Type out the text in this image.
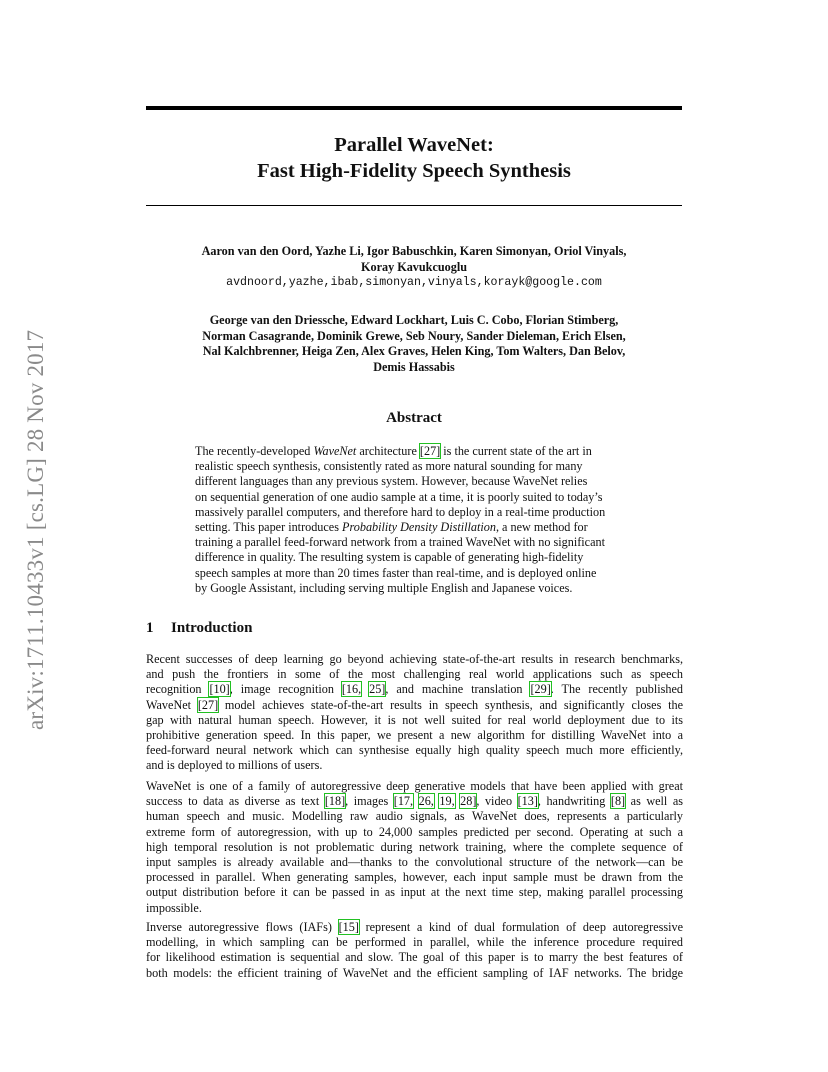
arXiv:1711.10433v1 [cs.LG] 28 Nov 2017
Parallel WaveNet:
Fast High-Fidelity Speech Synthesis
Aaron van den Oord, Yazhe Li, Igor Babuschkin, Karen Simonyan, Oriol Vinyals,
Koray Kavukcuoglu
avdnoord,yazhe,ibab,simonyan,vinyals,korayk@google.com
George van den Driessche, Edward Lockhart, Luis C. Cobo, Florian Stimberg,
Norman Casagrande, Dominik Grewe, Seb Noury, Sander Dieleman, Erich Elsen,
Nal Kalchbrenner, Heiga Zen, Alex Graves, Helen King, Tom Walters, Dan Belov,
Demis Hassabis
Abstract
The recently-developed WaveNet architecture [27] is the current state of the art in
realistic speech synthesis, consistently rated as more natural sounding for many
different languages than any previous system. However, because WaveNet relies
on sequential generation of one audio sample at a time, it is poorly suited to today’s
massively parallel computers, and therefore hard to deploy in a real-time production
setting. This paper introduces Probability Density Distillation, a new method for
training a parallel feed-forward network from a trained WaveNet with no significant
difference in quality. The resulting system is capable of generating high-fidelity
speech samples at more than 20 times faster than real-time, and is deployed online
by Google Assistant, including serving multiple English and Japanese voices.
1 Introduction
Recent successes of deep learning go beyond achieving state-of-the-art results in research benchmarks,
and push the frontiers in some of the most challenging real world applications such as speech
recognition [10], image recognition [16, 25], and machine translation [29]. The recently published
WaveNet [27] model achieves state-of-the-art results in speech synthesis, and significantly closes the
gap with natural human speech. However, it is not well suited for real world deployment due to its
prohibitive generation speed. In this paper, we present a new algorithm for distilling WaveNet into a
feed-forward neural network which can synthesise equally high quality speech much more efficiently,
and is deployed to millions of users.
WaveNet is one of a family of autoregressive deep generative models that have been applied with great
success to data as diverse as text [18], images [17, 26, 19, 28], video [13], handwriting [8] as well as
human speech and music. Modelling raw audio signals, as WaveNet does, represents a particularly
extreme form of autoregression, with up to 24,000 samples predicted per second. Operating at such a
high temporal resolution is not problematic during network training, where the complete sequence of
input samples is already available and—thanks to the convolutional structure of the network—can be
processed in parallel. When generating samples, however, each input sample must be drawn from the
output distribution before it can be passed in as input at the next time step, making parallel processing
impossible.
Inverse autoregressive flows (IAFs) [15] represent a kind of dual formulation of deep autoregressive
modelling, in which sampling can be performed in parallel, while the inference procedure required
for likelihood estimation is sequential and slow. The goal of this paper is to marry the best features of
both models: the efficient training of WaveNet and the efficient sampling of IAF networks. The bridge
